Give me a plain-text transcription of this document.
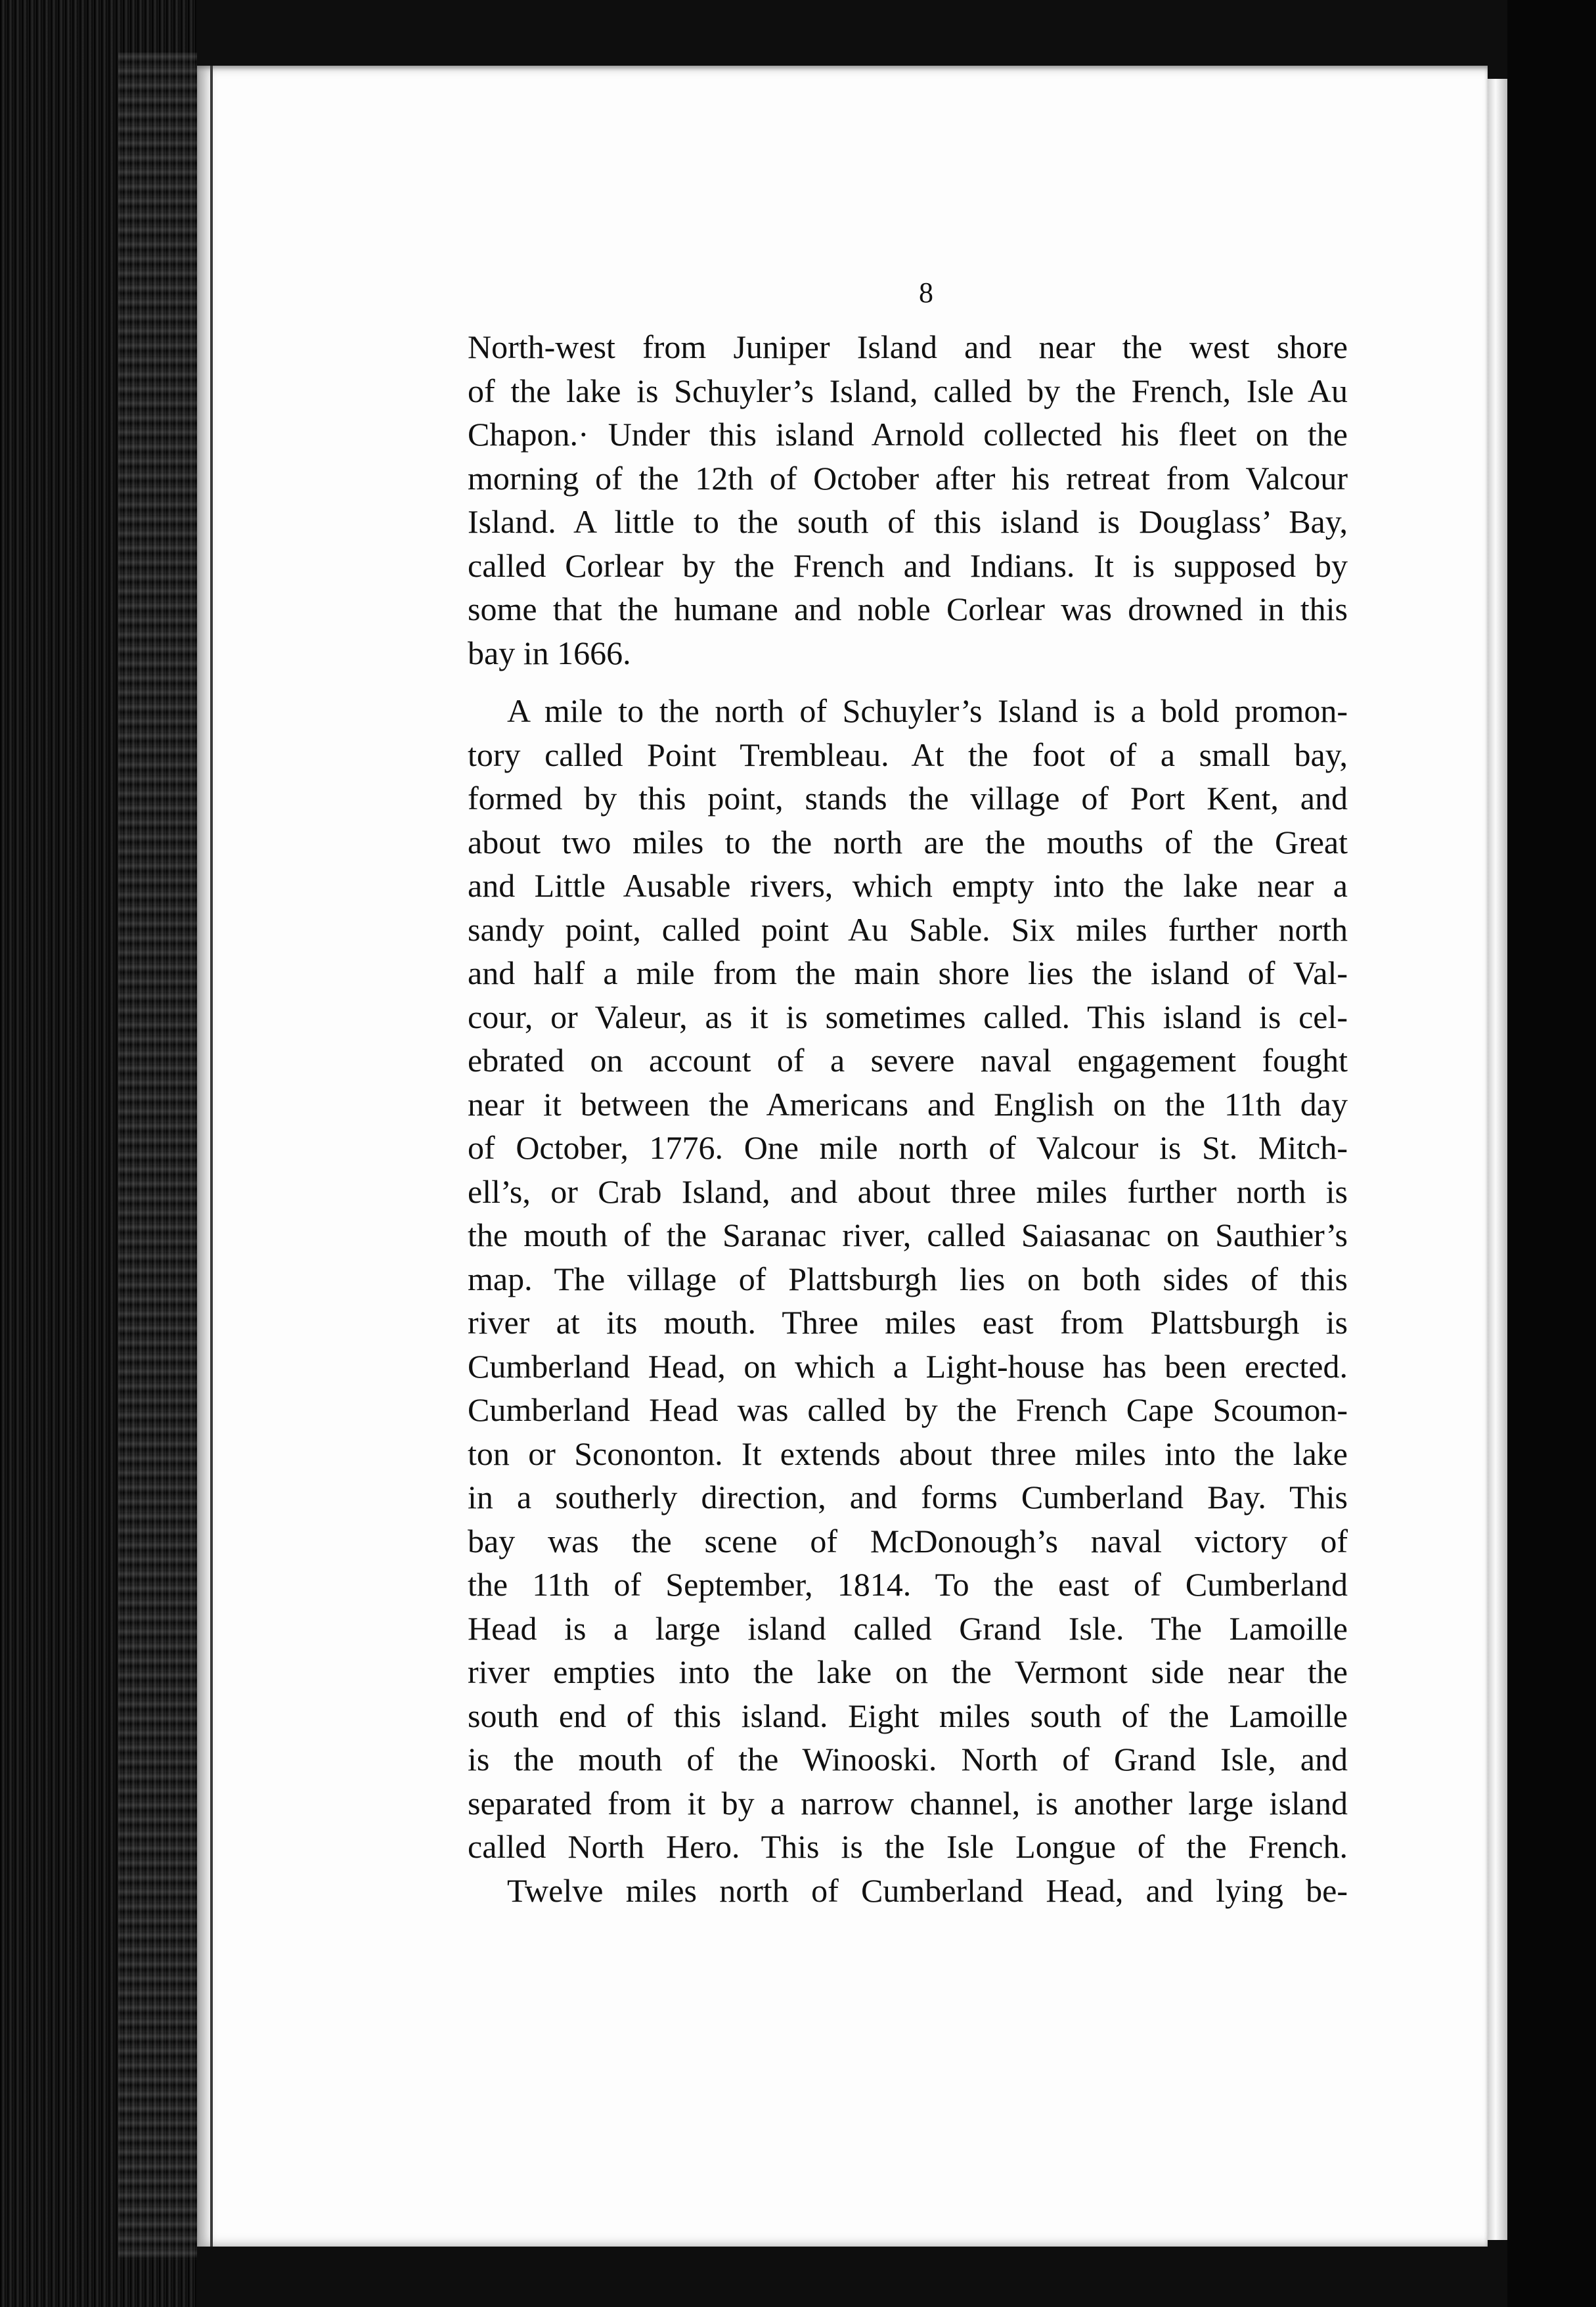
8
North-west from Juniper Island and near the west shore
of the lake is Schuyler’s Island, called by the French, Isle Au
Chapon.· Under this island Arnold collected his fleet on the
morning of the 12th of October after his retreat from Valcour
Island. A little to the south of this island is Douglass’ Bay,
called Corlear by the French and Indians. It is supposed by
some that the humane and noble Corlear was drowned in this
bay in 1666.
A mile to the north of Schuyler’s Island is a bold promon-
tory called Point Trembleau. At the foot of a small bay,
formed by this point, stands the village of Port Kent, and
about two miles to the north are the mouths of the Great
and Little Ausable rivers, which empty into the lake near a
sandy point, called point Au Sable. Six miles further north
and half a mile from the main shore lies the island of Val-
cour, or Valeur, as it is sometimes called. This island is cel-
ebrated on account of a severe naval engagement fought
near it between the Americans and English on the 11th day
of October, 1776. One mile north of Valcour is St. Mitch-
ell’s, or Crab Island, and about three miles further north is
the mouth of the Saranac river, called Saiasanac on Sauthier’s
map. The village of Plattsburgh lies on both sides of this
river at its mouth. Three miles east from Plattsburgh is
Cumberland Head, on which a Light-house has been erected.
Cumberland Head was called by the French Cape Scoumon-
ton or Scononton. It extends about three miles into the lake
in a southerly direction, and forms Cumberland Bay. This
bay was the scene of McDonough’s naval victory of
the 11th of September, 1814. To the east of Cumberland
Head is a large island called Grand Isle. The Lamoille
river empties into the lake on the Vermont side near the
south end of this island. Eight miles south of the Lamoille
is the mouth of the Winooski. North of Grand Isle, and
separated from it by a narrow channel, is another large island
called North Hero. This is the Isle Longue of the French.
Twelve miles north of Cumberland Head, and lying be-
